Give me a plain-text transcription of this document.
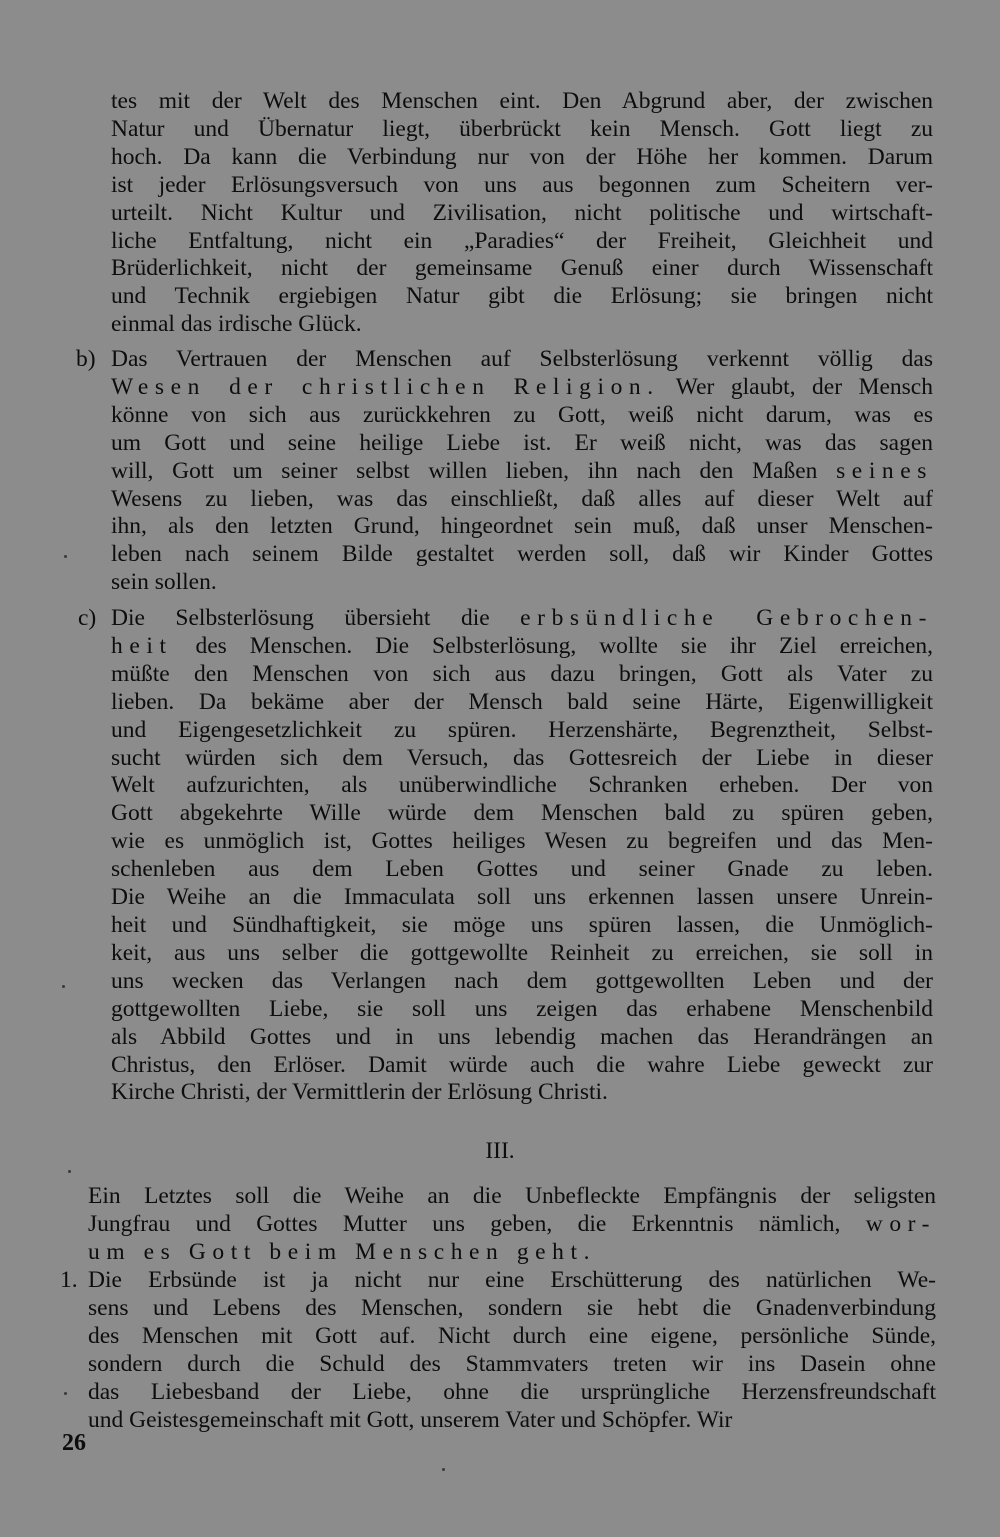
tes mit der Welt des Menschen eint. Den Abgrund aber, der zwischen
Natur und Übernatur liegt, überbrückt kein Mensch. Gott liegt zu
hoch. Da kann die Verbindung nur von der Höhe her kommen. Darum
ist jeder Erlösungsversuch von uns aus begonnen zum Scheitern ver-
urteilt. Nicht Kultur und Zivilisation, nicht politische und wirtschaft-
liche Entfaltung, nicht ein „Paradies“ der Freiheit, Gleichheit und
Brüderlichkeit, nicht der gemeinsame Genuß einer durch Wissenschaft
und Technik ergiebigen Natur gibt die Erlösung; sie bringen nicht
einmal das irdische Glück.
b) Das Vertrauen der Menschen auf Selbsterlösung verkennt völlig das
Wesen der christlichen Religion. Wer glaubt, der Mensch
könne von sich aus zurückkehren zu Gott, weiß nicht darum, was es
um Gott und seine heilige Liebe ist. Er weiß nicht, was das sagen
will, Gott um seiner selbst willen lieben, ihn nach den Maßen seines
Wesens zu lieben, was das einschließt, daß alles auf dieser Welt auf
ihn, als den letzten Grund, hingeordnet sein muß, daß unser Menschen-
leben nach seinem Bilde gestaltet werden soll, daß wir Kinder Gottes
sein sollen.
c) Die Selbsterlösung übersieht die erbsündliche Gebrochen-
heit des Menschen. Die Selbsterlösung, wollte sie ihr Ziel erreichen,
müßte den Menschen von sich aus dazu bringen, Gott als Vater zu
lieben. Da bekäme aber der Mensch bald seine Härte, Eigenwilligkeit
und Eigengesetzlichkeit zu spüren. Herzenshärte, Begrenztheit, Selbst-
sucht würden sich dem Versuch, das Gottesreich der Liebe in dieser
Welt aufzurichten, als unüberwindliche Schranken erheben. Der von
Gott abgekehrte Wille würde dem Menschen bald zu spüren geben,
wie es unmöglich ist, Gottes heiliges Wesen zu begreifen und das Men-
schenleben aus dem Leben Gottes und seiner Gnade zu leben.
Die Weihe an die Immaculata soll uns erkennen lassen unsere Unrein-
heit und Sündhaftigkeit, sie möge uns spüren lassen, die Unmöglich-
keit, aus uns selber die gottgewollte Reinheit zu erreichen, sie soll in
uns wecken das Verlangen nach dem gottgewollten Leben und der
gottgewollten Liebe, sie soll uns zeigen das erhabene Menschenbild
als Abbild Gottes und in uns lebendig machen das Herandrängen an
Christus, den Erlöser. Damit würde auch die wahre Liebe geweckt zur
Kirche Christi, der Vermittlerin der Erlösung Christi.
III.
Ein Letztes soll die Weihe an die Unbefleckte Empfängnis der seligsten
Jungfrau und Gottes Mutter uns geben, die Erkenntnis nämlich, wor-
um es Gott beim Menschen geht.
1. Die Erbsünde ist ja nicht nur eine Erschütterung des natürlichen We-
sens und Lebens des Menschen, sondern sie hebt die Gnadenverbindung
des Menschen mit Gott auf. Nicht durch eine eigene, persönliche Sünde,
sondern durch die Schuld des Stammvaters treten wir ins Dasein ohne
das Liebesband der Liebe, ohne die ursprüngliche Herzensfreundschaft
und Geistesgemeinschaft mit Gott, unserem Vater und Schöpfer. Wir
26
